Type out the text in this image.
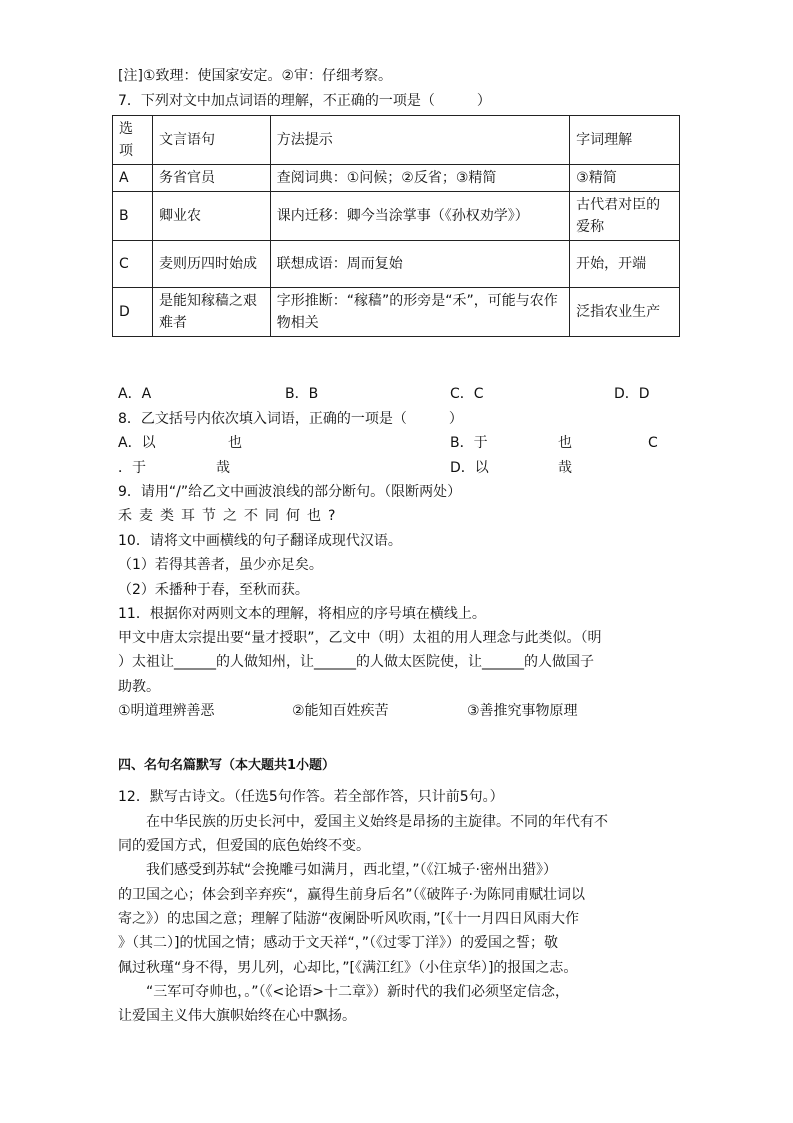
[注]①致理：使国家安定。②审：仔细考察。
7．下列对文中加点词语的理解，不正确的一项是（　　　）
选项	文言语句	方法提示	字词理解
A	务省官员	查阅词典：①问候；②反省；③精简	③精简
B	卿业农	课内迁移：卿今当涂掌事（《孙权劝学》）	古代君对臣的爱称
C	麦则历四时始成	联想成语：周而复始	开始，开端
D	是能知稼穑之艰难者	字形推断：“稼穑”的形旁是“禾”，可能与农作物相关	泛指农业生产
A．A	B．B	C．C	D．D
8．乙文括号内依次填入词语，正确的一项是（　　　）
A．以	也	B．于	也	C
．于	哉	D．以	哉
9．请用“/”给乙文中画波浪线的部分断句。（限断两处）
禾麦类耳节之不同何也?
10．请将文中画横线的句子翻译成现代汉语。
（1）若得其善者，虽少亦足矣。
（2）禾播种于春，至秋而获。
11．根据你对两则文本的理解，将相应的序号填在横线上。
甲文中唐太宗提出要“量才授职”，乙文中（明）太祖的用人理念与此类似。（明
）太祖让______的人做知州，让______的人做太医院使，让______的人做国子
助教。
①明道理辨善恶	②能知百姓疾苦	③善推究事物原理
四、名句名篇默写（本大题共1小题）
12．默写古诗文。（任选5句作答。若全部作答，只计前5句。）
　　在中华民族的历史长河中，爱国主义始终是昂扬的主旋律。不同的年代有不
同的爱国方式，但爱国的底色始终不变。
　　我们感受到苏轼“会挽雕弓如满月，西北望，”（《江城子·密州出猎》）
的卫国之心；体会到辛弃疾“，赢得生前身后名”（《破阵子·为陈同甫赋壮词以
寄之》）的忠国之意；理解了陆游“夜阑卧听风吹雨，”[《十一月四日风雨大作
》（其二）]的忧国之情；感动于文天祥“，”（《过零丁洋》）的爱国之誓；敬
佩过秋瑾“身不得，男儿列，心却比，”[《满江红》（小住京华）]的报国之志。
　　“三军可夺帅也，。”（《<论语>十二章》）新时代的我们必须坚定信念，
让爱国主义伟大旗帜始终在心中飘扬。
